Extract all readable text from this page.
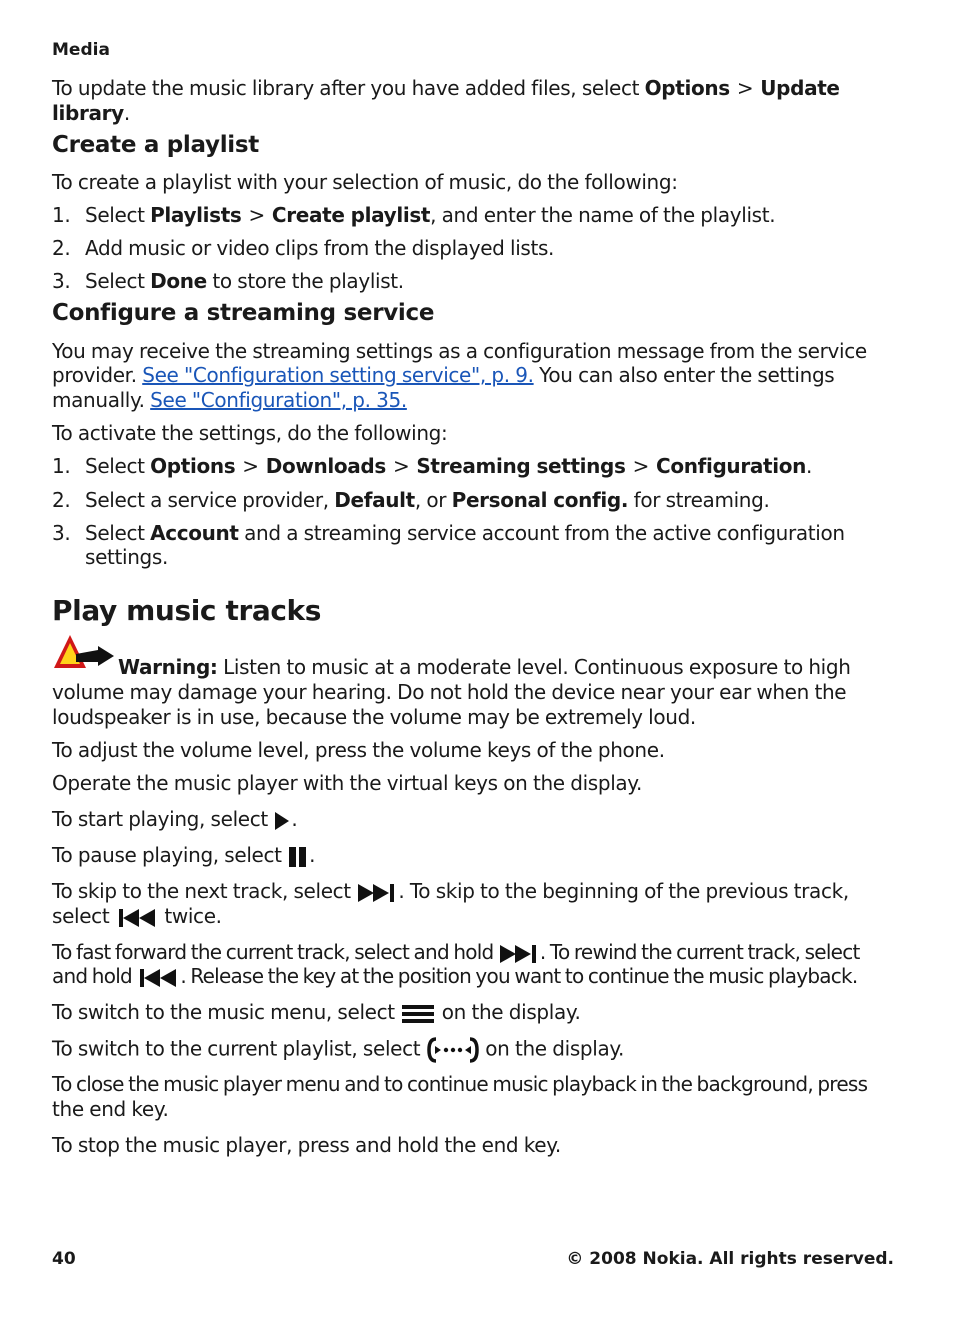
Media
To update the music library after you have added files, select Options > Update
library.
Create a playlist
To create a playlist with your selection of music, do the following:
1. Select Playlists > Create playlist, and enter the name of the playlist.
2. Add music or video clips from the displayed lists.
3. Select Done to store the playlist.
Configure a streaming service
You may receive the streaming settings as a configuration message from the service
provider. See "Configuration setting service", p. 9. You can also enter the settings
manually. See "Configuration", p. 35.
To activate the settings, do the following:
1. Select Options > Downloads > Streaming settings > Configuration.
2. Select a service provider, Default, or Personal config. for streaming.
3. Select Account and a streaming service account from the active configuration
settings.
Play music tracks
Warning: Listen to music at a moderate level. Continuous exposure to high
volume may damage your hearing. Do not hold the device near your ear when the
loudspeaker is in use, because the volume may be extremely loud.
To adjust the volume level, press the volume keys of the phone.
Operate the music player with the virtual keys on the display.
To start playing, select .
To pause playing, select .
To skip to the next track, select . To skip to the beginning of the previous track,
select  twice.
To fast forward the current track, select and hold . To rewind the current track, select
and hold . Release the key at the position you want to continue the music playback.
To switch to the music menu, select  on the display.
To switch to the current playlist, select	on the display.
To close the music player menu and to continue music playback in the background, press
the end key.
To stop the music player, press and hold the end key.
40	© 2008 Nokia. All rights reserved.
